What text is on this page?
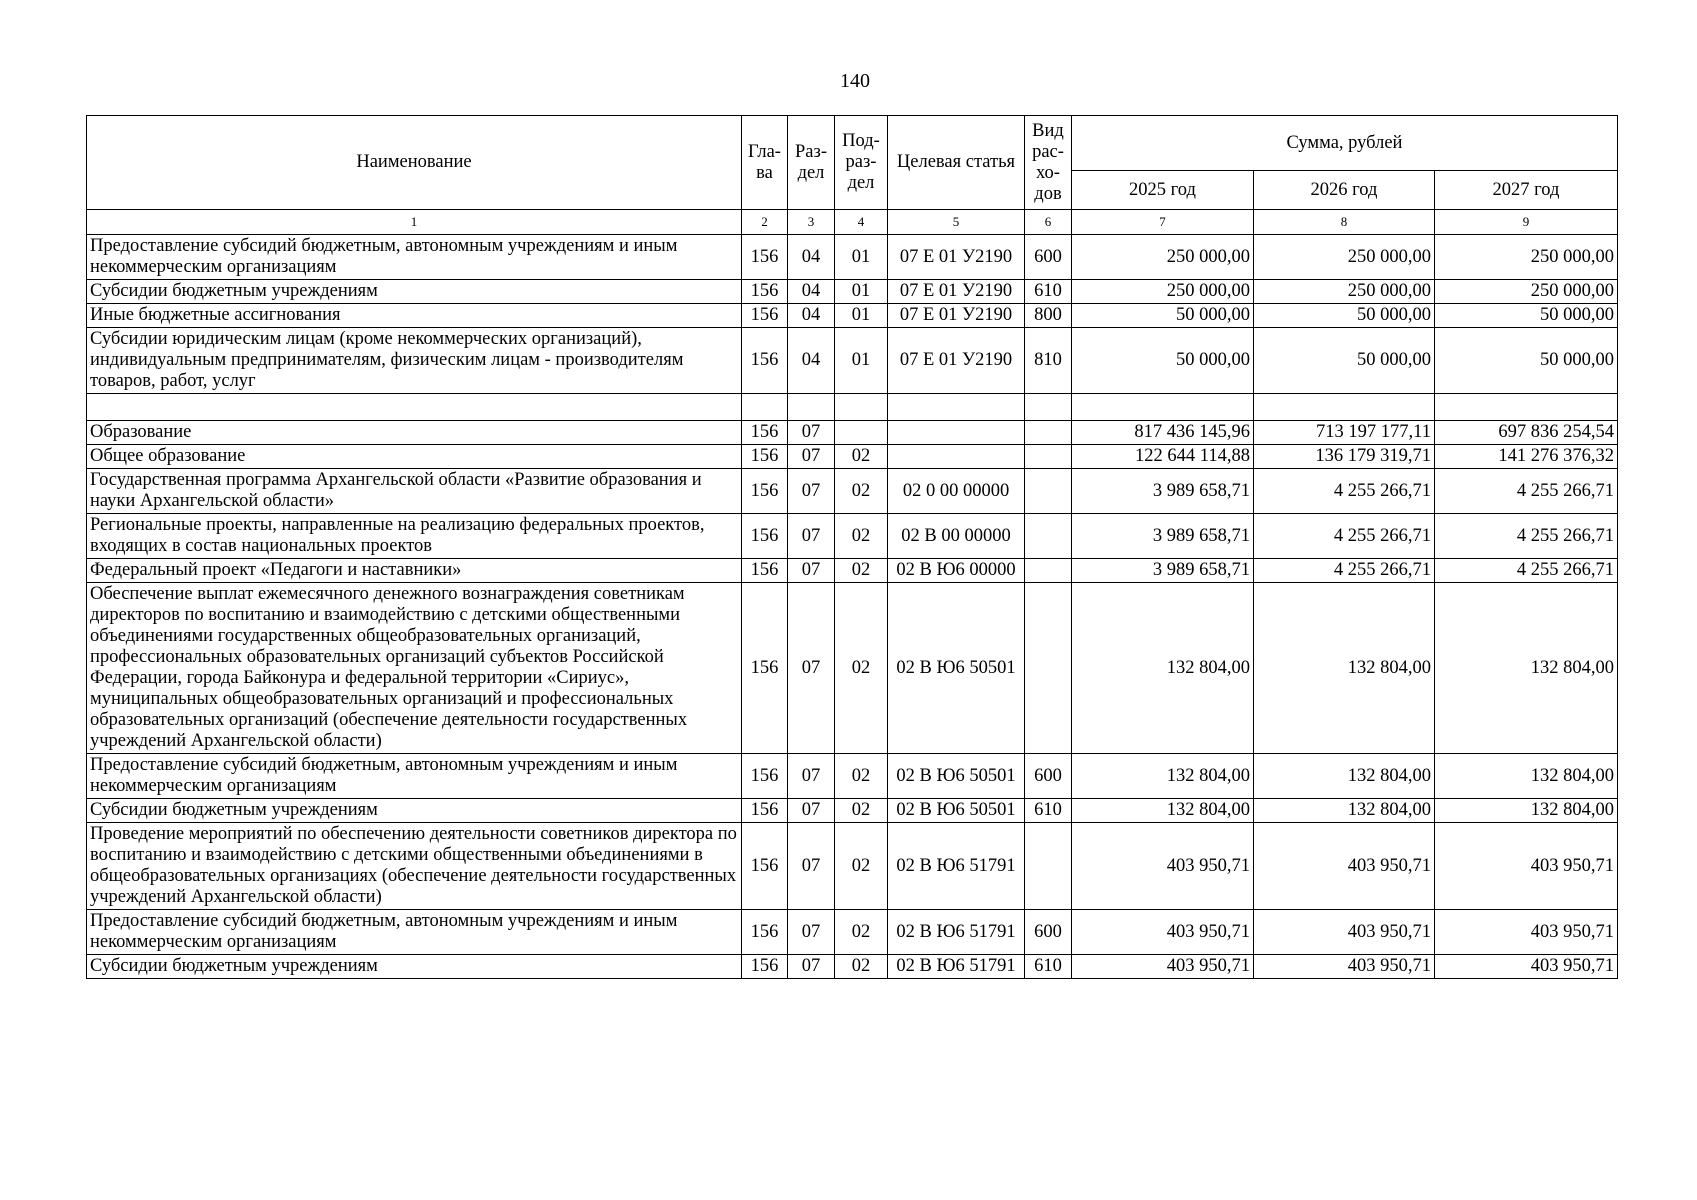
140
Наименование	Гла-ва	Раз-дел	Под-раз-дел	Целевая статья	Вид рас-хо-дов	Сумма, рублей		
						2025 год	2026 год	2027 год
1	2	3	4	5	6	7	8	9
Предоставление субсидий бюджетным, автономным учреждениям и иным некоммерческим организациям	156	04	01	07 Е 01 У2190	600	250 000,00	250 000,00	250 000,00
Субсидии бюджетным учреждениям	156	04	01	07 Е 01 У2190	610	250 000,00	250 000,00	250 000,00
Иные бюджетные ассигнования	156	04	01	07 Е 01 У2190	800	50 000,00	50 000,00	50 000,00
Субсидии юридическим лицам (кроме некоммерческих организаций), индивидуальным предпринимателям, физическим лицам - производителям товаров, работ, услуг	156	04	01	07 Е 01 У2190	810	50 000,00	50 000,00	50 000,00

Образование	156	07				817 436 145,96	713 197 177,11	697 836 254,54
Общее образование	156	07	02			122 644 114,88	136 179 319,71	141 276 376,32
Государственная программа Архангельской области «Развитие образования и науки Архангельской области»	156	07	02	02 0 00 00000		3 989 658,71	4 255 266,71	4 255 266,71
Региональные проекты, направленные на реализацию федеральных проектов, входящих в состав национальных проектов	156	07	02	02 В 00 00000		3 989 658,71	4 255 266,71	4 255 266,71
Федеральный проект «Педагоги и наставники»	156	07	02	02 В Ю6 00000		3 989 658,71	4 255 266,71	4 255 266,71
Обеспечение выплат ежемесячного денежного вознаграждения советникам директоров по воспитанию и взаимодействию с детскими общественными объединениями государственных общеобразовательных организаций, профессиональных образовательных организаций субъектов Российской Федерации, города Байконура и федеральной территории «Сириус», муниципальных общеобразовательных организаций и профессиональных образовательных организаций (обеспечение деятельности государственных учреждений Архангельской области)	156	07	02	02 В Ю6 50501		132 804,00	132 804,00	132 804,00
Предоставление субсидий бюджетным, автономным учреждениям и иным некоммерческим организациям	156	07	02	02 В Ю6 50501	600	132 804,00	132 804,00	132 804,00
Субсидии бюджетным учреждениям	156	07	02	02 В Ю6 50501	610	132 804,00	132 804,00	132 804,00
Проведение мероприятий по обеспечению деятельности советников директора по воспитанию и взаимодействию с детскими общественными объединениями в общеобразовательных организациях (обеспечение деятельности государственных учреждений Архангельской области)	156	07	02	02 В Ю6 51791		403 950,71	403 950,71	403 950,71
Предоставление субсидий бюджетным, автономным учреждениям и иным некоммерческим организациям	156	07	02	02 В Ю6 51791	600	403 950,71	403 950,71	403 950,71
Субсидии бюджетным учреждениям	156	07	02	02 В Ю6 51791	610	403 950,71	403 950,71	403 950,71
